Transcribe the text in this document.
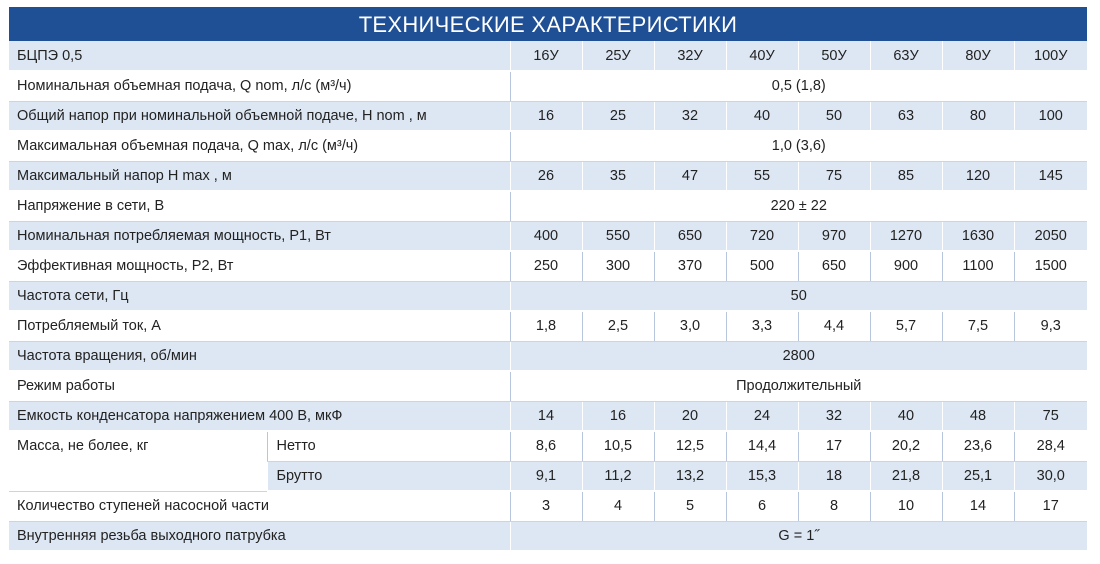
ТЕХНИЧЕСКИЕ ХАРАКТЕРИСТИКИ
БЦПЭ 0,5		16У	25У	32У	40У	50У	63У	80У	100У
Номинальная объемная подача, Q nom, л/с (м³/ч)		0,5 (1,8)							
Общий напор при номинальной объемной подаче, H nom , м		16	25	32	40	50	63	80	100
Максимальная объемная подача, Q max, л/с (м³/ч)		1,0 (3,6)							
Максимальный напор H max , м		26	35	47	55	75	85	120	145
Напряжение в сети, В		220 ± 22							
Номинальная потребляемая мощность, Р1, Вт		400	550	650	720	970	1270	1630	2050
Эффективная мощность, Р2, Вт		250	300	370	500	650	900	1100	1500
Частота сети, Гц		50							
Потребляемый ток, А		1,8	2,5	3,0	3,3	4,4	5,7	7,5	9,3
Частота вращения, об/мин		2800							
Режим работы		Продолжительный							
Емкость конденсатора напряжением 400 В, мкФ		14	16	20	24	32	40	48	75
Масса, не более, кг	Нетто	8,6	10,5	12,5	14,4	17	20,2	23,6	28,4
	Брутто	9,1	11,2	13,2	15,3	18	21,8	25,1	30,0
Количество ступеней насосной части		3	4	5	6	8	10	14	17
Внутренняя резьба выходного патрубка		G = 1˝							
